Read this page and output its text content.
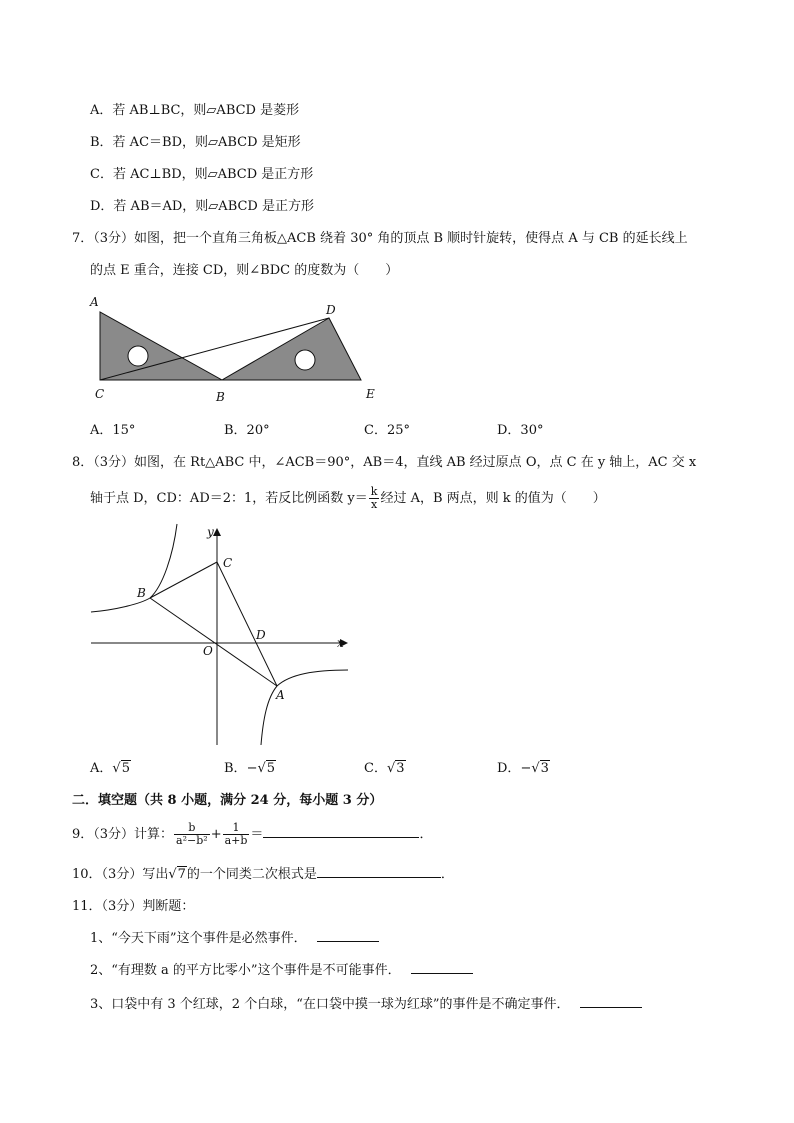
A．若 AB⊥BC，则▱ABCD 是菱形
B．若 AC＝BD，则▱ABCD 是矩形
C．若 AC⊥BD，则▱ABCD 是正方形
D．若 AB＝AD，则▱ABCD 是正方形
7．（3分）如图，把一个直角三角板△ACB 绕着 30° 角的顶点 B 顺时针旋转，使得点 A 与 CB 的延长线上
的点 E 重合，连接 CD，则∠BDC 的度数为（　　）
A
C	B
D
E
A．15°	B．20°	C．25°	D．30°
8．（3分）如图，在 Rt△ABC 中，∠ACB＝90°，AB＝4，直线 AB 经过原点 O，点 C 在 y 轴上，AC 交 x
轴于点 D，CD：AD＝2：1，若反比例函数 $y= \frac{k}{x}$ 经过 A，B 两点，则 k 的值为（　　）
y
x
C
B
D
O
A
A．√5	B．−√5	C．√3	D．−√3
二．填空题（共 8 小题，满分 24 分，每小题 3 分）
9．（3分）计算： $\frac{b}{\text{a²−b²}} + \frac{1}{a+b}$ ＝	．
10．（3分）写出√7的一个同类二次根式是	．
11．（3分）判断题：
1、“今天下雨”这个事件是必然事件．
2、“有理数 a 的平方比零小”这个事件是不可能事件．
3、口袋中有 3 个红球，2 个白球，“在口袋中摸一球为红球”的事件是不确定事件．
